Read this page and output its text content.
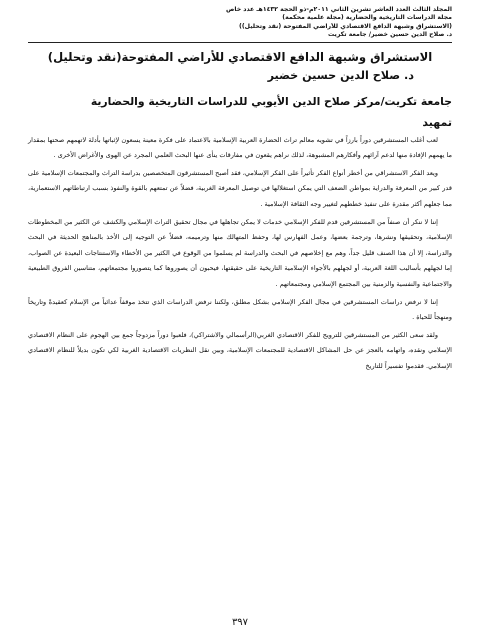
المجلد الثالث العدد العاشر تشرين الثاني ٢٠١١م-ذو الحجة ١٤٣٢هـ عدد خاص
مجلة الدراسات التاريخية والحضارية (مجلة علمية محكمة)
(الاستشراق وشبهة الدافع الاقتصادي للأراضي المفتوحة (نقد وتحليل))
د. صلاح الدين حسين خضير/ جامعة تكريت
الاستشراق وشبهة الدافع الاقتصادي للأراضي المفتوحة(نقد وتحليل)
د. صلاح الدين حسين خضير
جامعة تكريت/مركز صلاح الدين الأيوبي للدراسات التاريخية والحضارية
تمهيد

لعب أغلب المستشرقين دوراً بارزاً في تشويه معالم تراث الحضارة العربية الإسلامية بالاعتماد على فكرة معينة يسعون لإثباتها بأدلة لاتهمهم صحتها بمقدار ما يهمهم الإفادة منها لدعم آرائهم وأفكارهم المشبوهة، لذلك نراهم يقعون في مفارقات ينأى عنها البحث العلمي المجرد عن الهوى والأغراض الأخرى .

ويعد الفكر الاستشراقي من أخطر أنواع الفكر تأثيراً على الفكر الإسلامي، فقد أصبح المستشرقون المتخصصين بدراسة التراث والمجتمعات الإسلامية على قدر كبير من المعرفة والدراية بمواطن الضعف التي يمكن استغلالها في توصيل المعرفة الغربية، فضلاً عن تمتعهم بالقوة والنفوذ بسبب ارتباطاتهم الاستعمارية، مما جعلهم أكثر مقدرة على تنفيذ خططهم لتغيير وجه الثقافة الإسلامية .

إننا لا ننكر أن صنفاً من المستشرقين قدم للفكر الإسلامي خدمات لا يمكن تجاهلها في مجال تحقيق التراث الإسلامي والكشف عن الكثير من المخطوطات الإسلامية، وتحقيقها ونشرها، وترجمة بعضها، وعمل الفهارس لها، وحفظ المتهالك منها وترميمه، فضلاً عن التوجيه إلى الأخذ بالمناهج الحديثة في البحث والدراسة، إلا أن هذا الصنف قليل جداً، وهم مع إخلاصهم في البحث والدراسة لم يسلموا من الوقوع في الكثير من الأخطاء والاستنتاجات البعيدة عن الصواب، إما لجهلهم بأساليب اللغة العربية، أو لجهلهم بالأجواء الإسلامية التاريخية على حقيقتها، فيحبون أن يصوروها كما يتصوروا مجتمعاتهم، متناسين الفروق الطبيعية والاجتماعية والنفسية والزمنية بين المجتمع الإسلامي ومجتمعاتهم .

إننا لا نرفض دراسات المستشرقين في مجال الفكر الإسلامي بشكل مطلق، ولكننا نرفض الدراسات الذي تتخذ موقفاً عدائياً من الإسلام كعقيدةً وتاريخاً ومنهجاً للحياة .

ولقد سعى الكثير من المستشرقين للترويج للفكر الاقتصادي الغربي(الرأسمالي والاشتراكي)، فلعبوا دوراً مزدوجاً جمع بين الهجوم على النظام الاقتصادي الإسلامي ونقده، واتهامه بالعجز عن حل المشاكل الاقتصادية للمجتمعات الإسلامية، وبين نقل النظريات الاقتصادية الغربية لكي تكون بديلاً للنظام الاقتصادي الإسلامي. فقدموا تفسيراً للتاريخ

٣٩٧
